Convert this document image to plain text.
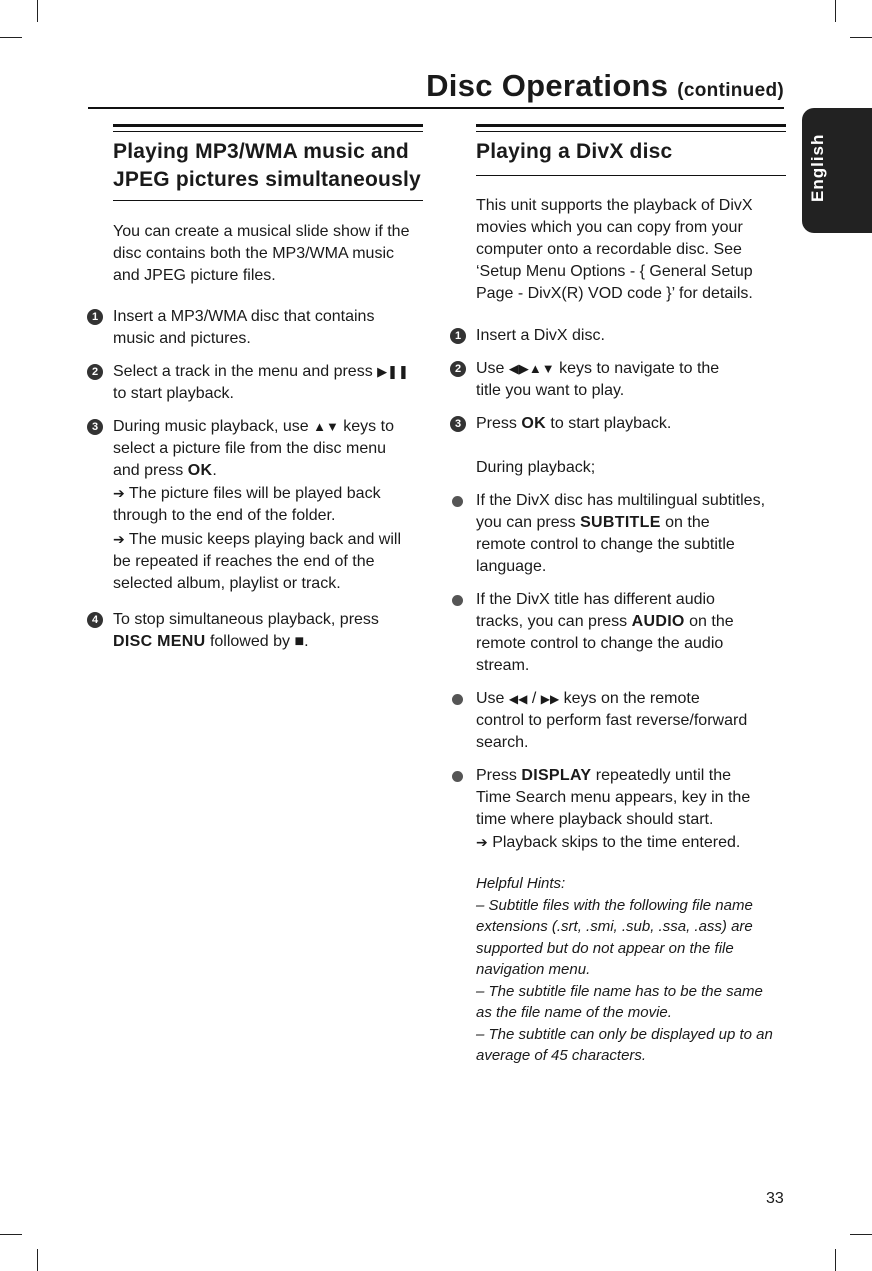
Disc Operations (continued)
English
Playing MP3/WMA music and
JPEG pictures simultaneously
You can create a musical slide show if the
disc contains both the MP3/WMA music
and JPEG picture files.
1 Insert a MP3/WMA disc that contains
music and pictures.
2 Select a track in the menu and press ▶❚❚
to start playback.
3 During music playback, use ▲▼ keys to
select a picture file from the disc menu
and press OK.
➔ The picture files will be played back
through to the end of the folder.
➔ The music keeps playing back and will
be repeated if reaches the end of the
selected album, playlist or track.
4 To stop simultaneous playback, press
DISC MENU followed by ■.
Playing a DivX disc
This unit supports the playback of DivX
movies which you can copy from your
computer onto a recordable disc. See
‘Setup Menu Options - { General Setup
Page - DivX(R) VOD code }’ for details.
1 Insert a DivX disc.
2 Use ◀▶▲▼ keys to navigate to the
title you want to play.
3 Press OK to start playback.
During playback;
If the DivX disc has multilingual subtitles,
you can press SUBTITLE on the
remote control to change the subtitle
language.
If the DivX title has different audio
tracks, you can press AUDIO on the
remote control to change the audio
stream.
Use ◀◀ / ▶▶ keys on the remote
control to perform fast reverse/forward
search.
Press DISPLAY repeatedly until the
Time Search menu appears, key in the
time where playback should start.
➔ Playback skips to the time entered.
Helpful Hints:
– Subtitle files with the following file name
extensions (.srt, .smi, .sub, .ssa, .ass) are
supported but do not appear on the file
navigation menu.
– The subtitle file name has to be the same
as the file name of the movie.
– The subtitle can only be displayed up to an
average of 45 characters.
33
